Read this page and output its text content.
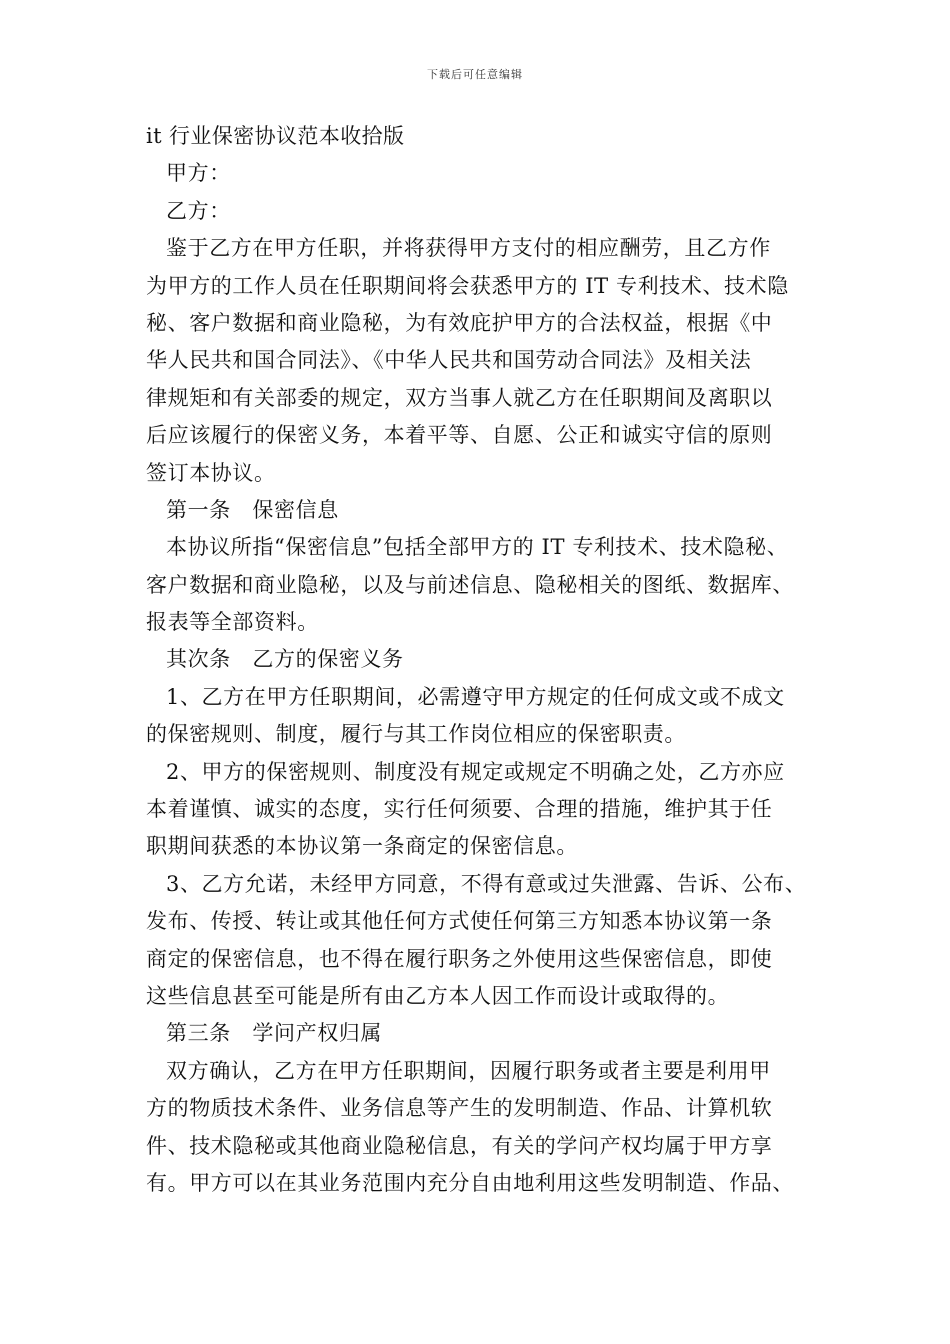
下载后可任意编辑
it 行业保密协议范本收拾版
甲方：
乙方：
鉴于乙方在甲方任职，并将获得甲方支付的相应酬劳，且乙方作
为甲方的工作人员在任职期间将会获悉甲方的 IT 专利技术、技术隐
秘、客户数据和商业隐秘，为有效庇护甲方的合法权益，根据《中
华人民共和国合同法》、《中华人民共和国劳动合同法》及相关法
律规矩和有关部委的规定，双方当事人就乙方在任职期间及离职以
后应该履行的保密义务，本着平等、自愿、公正和诚实守信的原则
签订本协议。
第一条　保密信息
本协议所指“保密信息”包括全部甲方的 IT 专利技术、技术隐秘、
客户数据和商业隐秘，以及与前述信息、隐秘相关的图纸、数据库、
报表等全部资料。
其次条　乙方的保密义务
1、乙方在甲方任职期间，必需遵守甲方规定的任何成文或不成文
的保密规则、制度，履行与其工作岗位相应的保密职责。
2、甲方的保密规则、制度没有规定或规定不明确之处，乙方亦应
本着谨慎、诚实的态度，实行任何须要、合理的措施，维护其于任
职期间获悉的本协议第一条商定的保密信息。
3、乙方允诺，未经甲方同意，不得有意或过失泄露、告诉、公布、
发布、传授、转让或其他任何方式使任何第三方知悉本协议第一条
商定的保密信息，也不得在履行职务之外使用这些保密信息，即使
这些信息甚至可能是所有由乙方本人因工作而设计或取得的。
第三条　学问产权归属
双方确认，乙方在甲方任职期间，因履行职务或者主要是利用甲
方的物质技术条件、业务信息等产生的发明制造、作品、计算机软
件、技术隐秘或其他商业隐秘信息，有关的学问产权均属于甲方享
有。甲方可以在其业务范围内充分自由地利用这些发明制造、作品、
